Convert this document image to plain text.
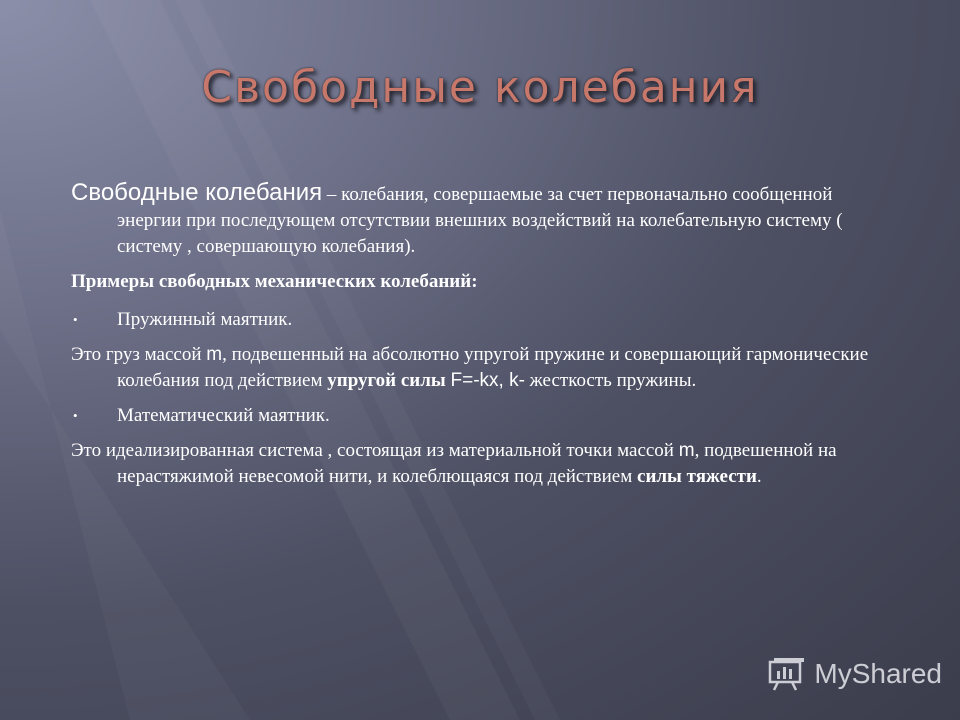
Свободные колебания

Свободные колебания – колебания, совершаемые за счет первоначально сообщенной энергии при последующем отсутствии внешних воздействий на колебательную систему ( систему , совершающую колебания).

Примеры свободных механических колебаний:

• Пружинный маятник.

Это груз массой m, подвешенный на абсолютно упругой пружине и совершающий гармонические колебания под действием упругой силы F=-kx, k- жесткость пружины.

• Математический маятник.

Это идеализированная система , состоящая из материальной точки массой m, подвешенной на нерастяжимой невесомой нити, и колеблющаяся под действием силы тяжести.

MyShared
